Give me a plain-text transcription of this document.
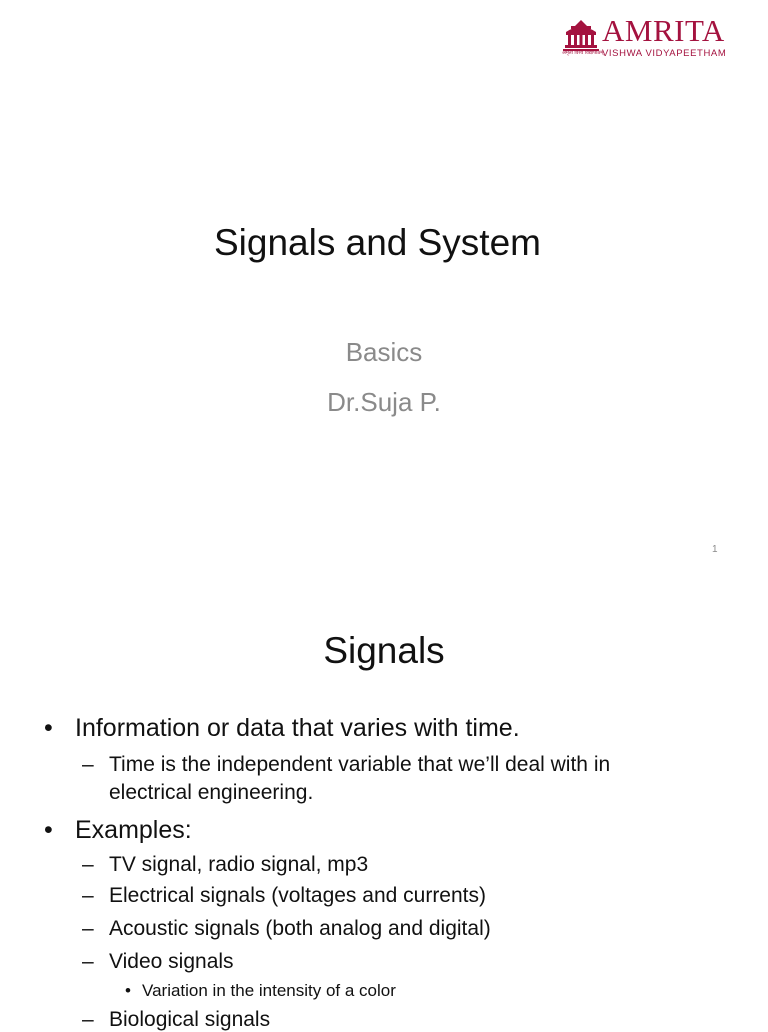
AMRITA
VISHWA VIDYAPEETHAM
अमृता विश्व विद्यापीठम्
Signals and System
Basics
Dr.Suja P.
1
Signals
• Information or data that varies with time.
– Time is the independent variable that we’ll deal with in
electrical engineering.
• Examples:
– TV signal, radio signal, mp3
– Electrical signals (voltages and currents)
– Acoustic signals (both analog and digital)
– Video signals
• Variation in the intensity of a color
– Biological signals
